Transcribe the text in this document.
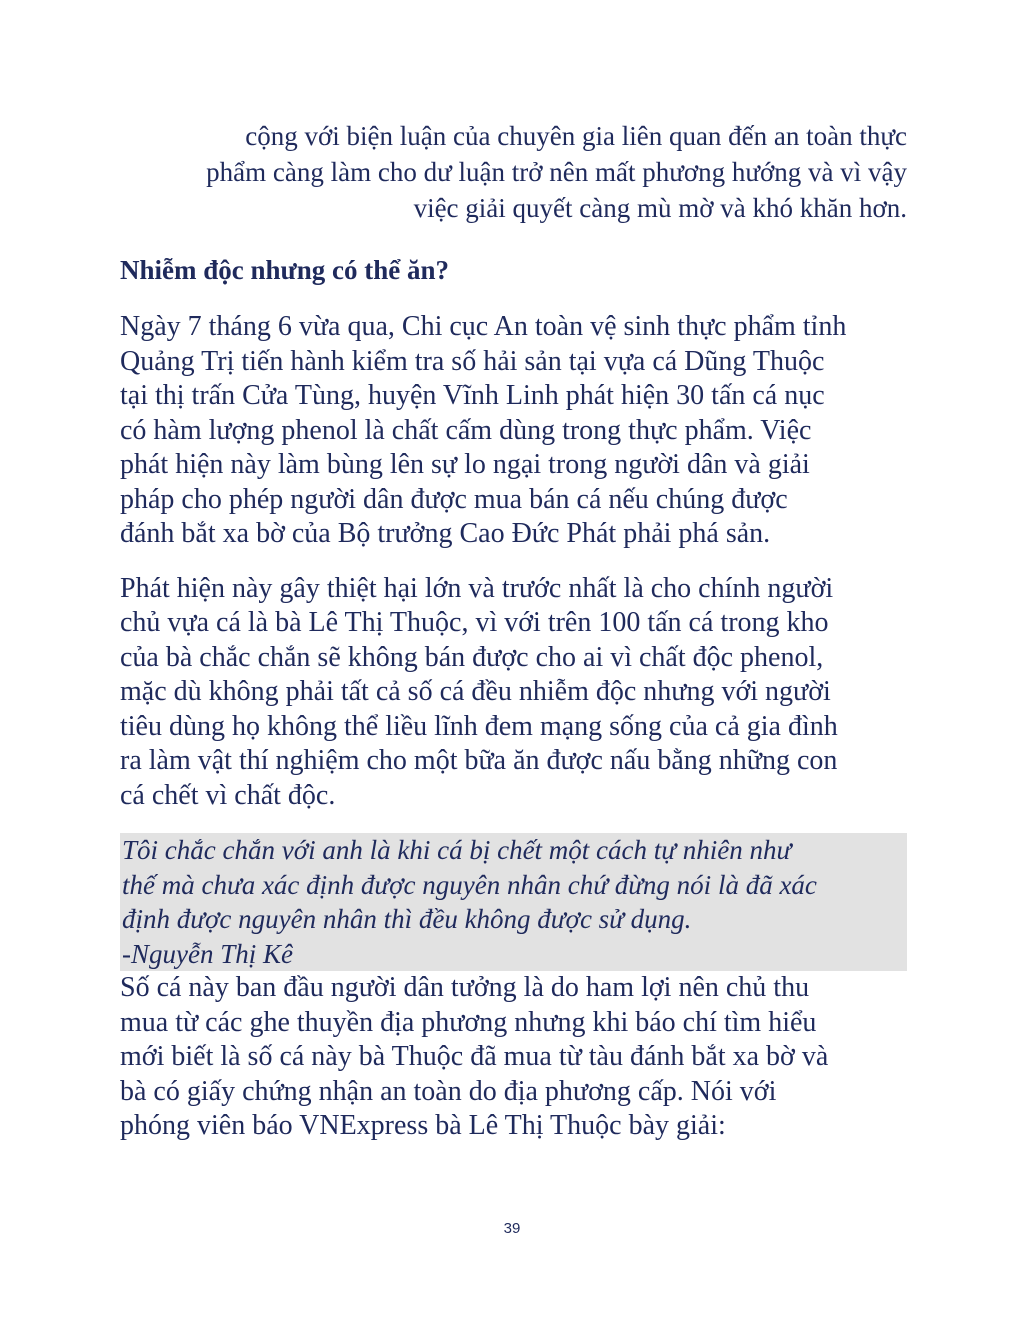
cộng với biện luận của chuyên gia liên quan đến an toàn thực
phẩm càng làm cho dư luận trở nên mất phương hướng và vì vậy
việc giải quyết càng mù mờ và khó khăn hơn.

Nhiễm độc nhưng có thể ăn?

Ngày 7 tháng 6 vừa qua, Chi cục An toàn vệ sinh thực phẩm tỉnh
Quảng Trị tiến hành kiểm tra số hải sản tại vựa cá Dũng Thuộc
tại thị trấn Cửa Tùng, huyện Vĩnh Linh phát hiện 30 tấn cá nục
có hàm lượng phenol là chất cấm dùng trong thực phẩm. Việc
phát hiện này làm bùng lên sự lo ngại trong người dân và giải
pháp cho phép người dân được mua bán cá nếu chúng được
đánh bắt xa bờ của Bộ trưởng Cao Đức Phát phải phá sản.

Phát hiện này gây thiệt hại lớn và trước nhất là cho chính người
chủ vựa cá là bà Lê Thị Thuộc, vì với trên 100 tấn cá trong kho
của bà chắc chắn sẽ không bán được cho ai vì chất độc phenol,
mặc dù không phải tất cả số cá đều nhiễm độc nhưng với người
tiêu dùng họ không thể liều lĩnh đem mạng sống của cả gia đình
ra làm vật thí nghiệm cho một bữa ăn được nấu bằng những con
cá chết vì chất độc.

Tôi chắc chắn với anh là khi cá bị chết một cách tự nhiên như
thế mà chưa xác định được nguyên nhân chứ đừng nói là đã xác
định được nguyên nhân thì đều không được sử dụng.
-Nguyễn Thị Kê

Số cá này ban đầu người dân tưởng là do ham lợi nên chủ thu
mua từ các ghe thuyền địa phương nhưng khi báo chí tìm hiểu
mới biết là số cá này bà Thuộc đã mua từ tàu đánh bắt xa bờ và
bà có giấy chứng nhận an toàn do địa phương cấp. Nói với
phóng viên báo VNExpress bà Lê Thị Thuộc bày giải:

39
